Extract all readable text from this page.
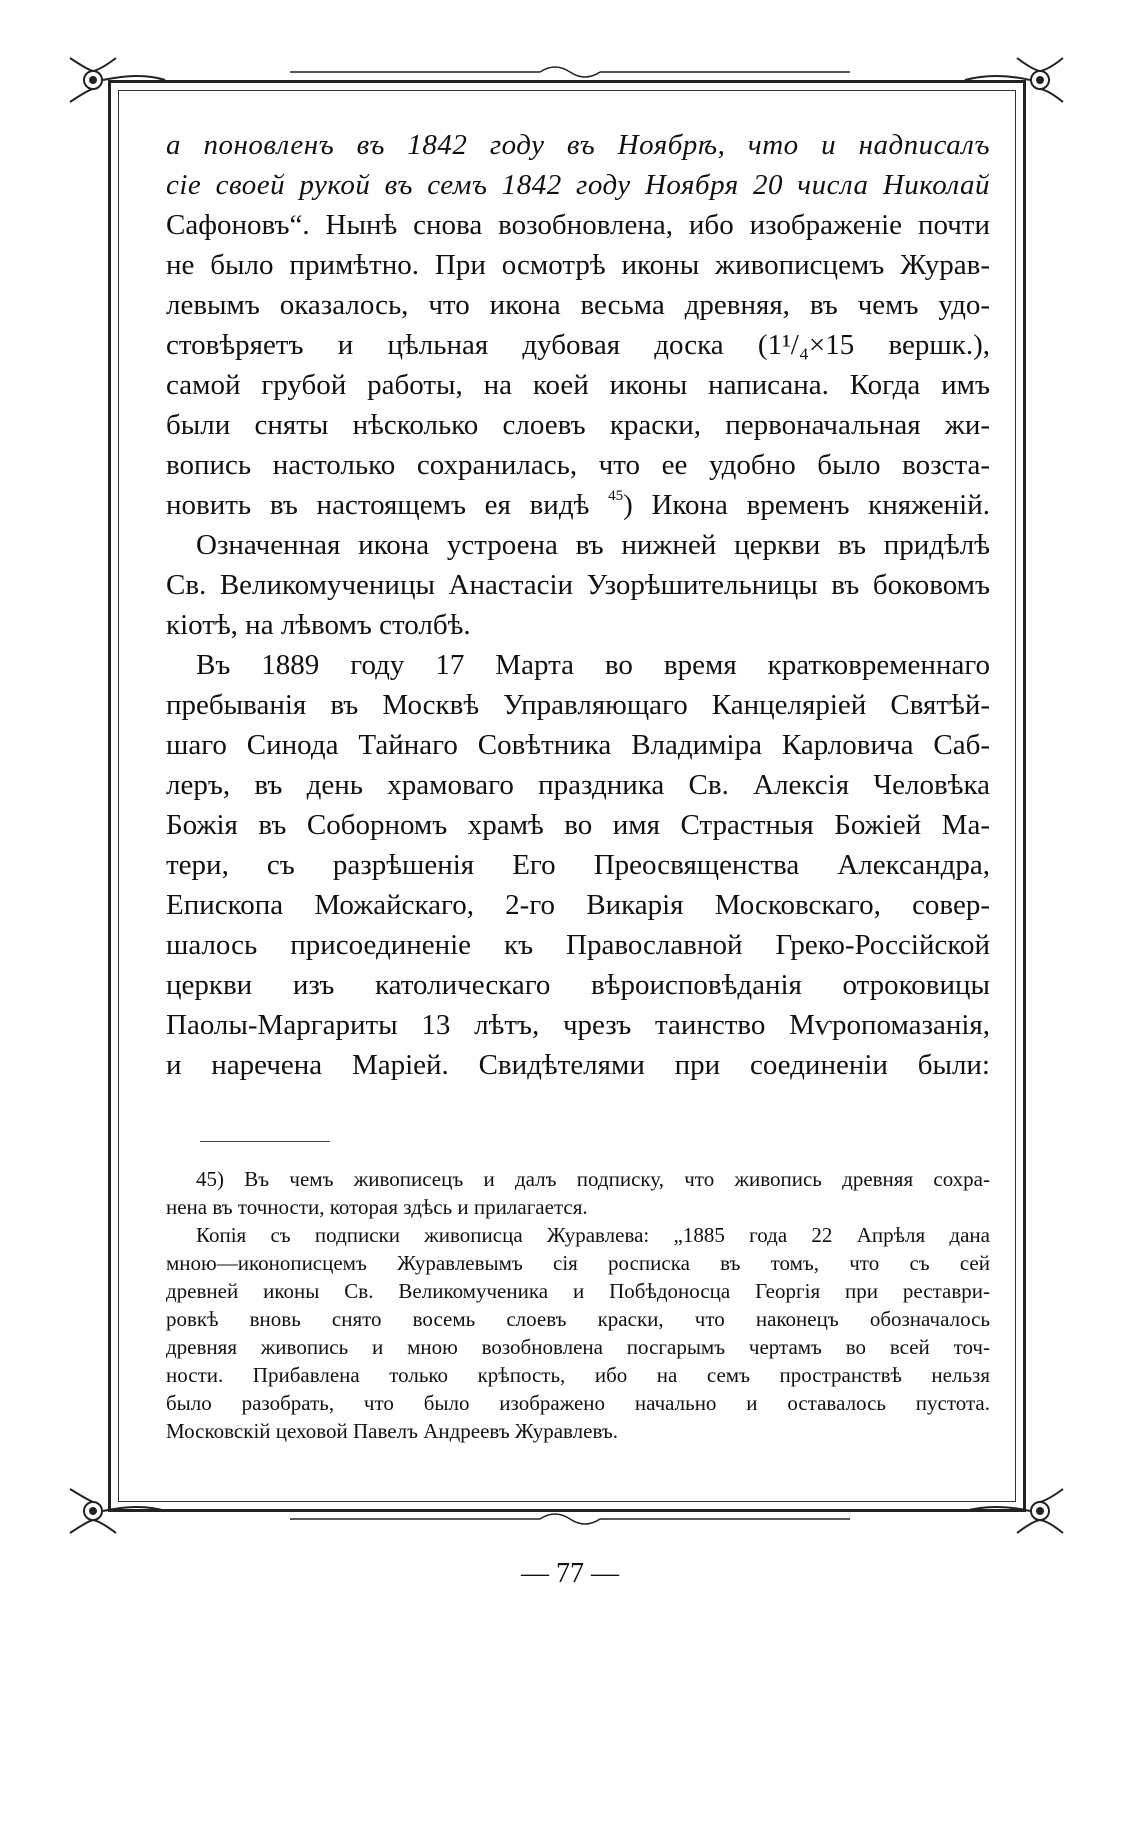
а поновленъ въ 1842 году въ Ноябрѣ, что и надписалъ
сіе своей рукой въ семъ 1842 году Ноября 20 числа Николай
Сафоновъ“. Нынѣ снова возобновлена, ибо изображеніе почти
не было примѣтно. При осмотрѣ иконы живописцемъ Журав-
левымъ оказалось, что икона весьма древняя, въ чемъ удо-
стовѣряетъ и цѣльная дубовая доска (1¹/₄×15 вершк.),
самой грубой работы, на коей иконы написана. Когда имъ
были сняты нѣсколько слоевъ краски, первоначальная жи-
вопись настолько сохранилась, что ее удобно было возста-
новить въ настоящемъ ея видѣ $^{45}$) Икона временъ княженій.
Означенная икона устроена въ нижней церкви въ придѣлѣ
Св. Великомученицы Анастасіи Узорѣшительницы въ боковомъ
кіотѣ, на лѣвомъ столбѣ.
Въ 1889 году 17 Марта во время кратковременнаго
пребыванія въ Москвѣ Управляющаго Канцеляріей Святѣй-
шаго Синода Тайнаго Совѣтника Владиміра Карловича Саб-
леръ, въ день храмоваго праздника Св. Алексія Человѣка
Божія въ Соборномъ храмѣ во имя Страстныя Божіей Ма-
тери, съ разрѣшенія Его Преосвященства Александра,
Епископа Можайскаго, 2-го Викарія Московскаго, совер-
шалось присоединеніе къ Православной Греко-Россійской
церкви изъ католическаго вѣроисповѣданія отроковицы
Паолы-Маргариты 13 лѣтъ, чрезъ таинство Мѵропомазанія,
и наречена Маріей. Свидѣтелями при соединеніи были:
45) Въ чемъ живописецъ и далъ подписку, что живопись древняя сохра-
нена въ точности, которая здѣсь и прилагается.
Копія съ подписки живописца Журавлева: „1885 года 22 Апрѣля дана
мною—иконописцемъ Журавлевымъ сія росписка въ томъ, что съ сей
древней иконы Св. Великомученика и Побѣдоносца Георгія при реставри-
ровкѣ вновь снято восемь слоевъ краски, что наконецъ обозначалось
древняя живопись и мною возобновлена посгарымъ чертамъ во всей точ-
ности. Прибавлена только крѣпость, ибо на семъ пространствѣ нельзя
было разобрать, что было изображено начально и оставалось пустота.
Московскій цеховой Павелъ Андреевъ Журавлевъ.
— 77 —
